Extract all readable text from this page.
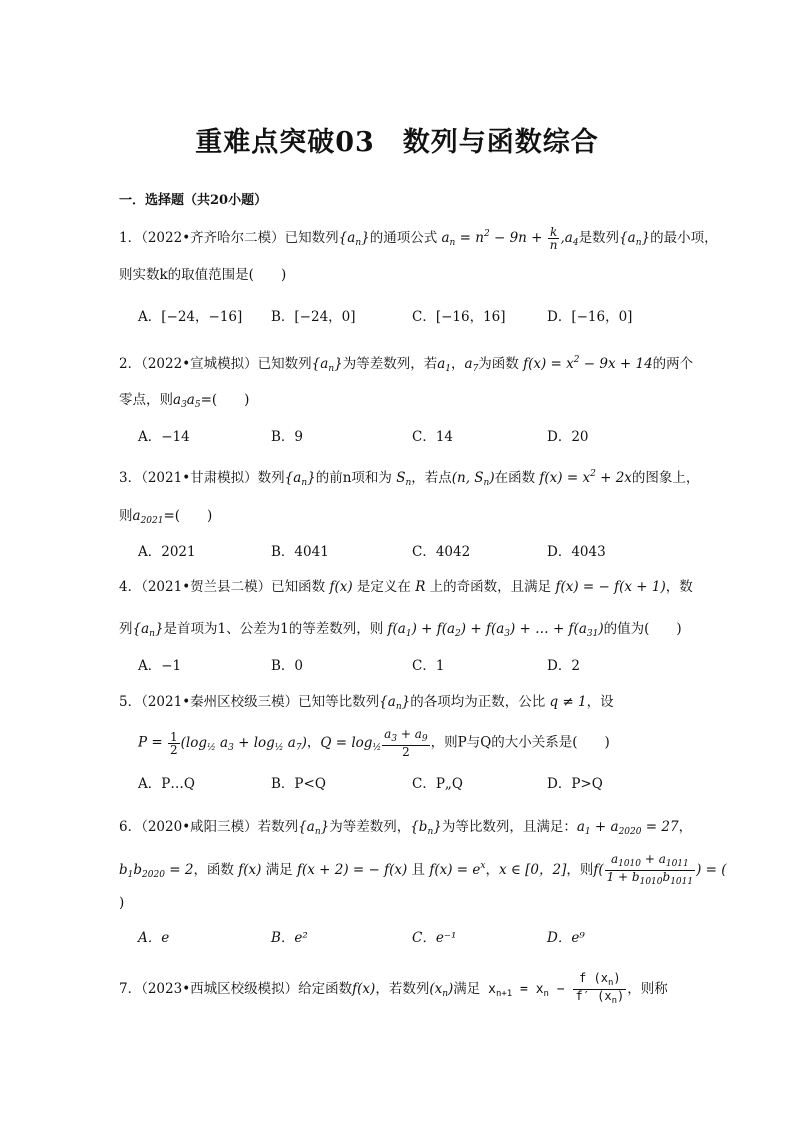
重难点突破03　数列与函数综合
一．选择题（共20小题）
1．（2022•齐齐哈尔二模）已知数列$\{a_n\}$的通项公式 $a_n = n^2 - 9n + \frac{k}{n} ,a_4$是数列$\{a_n\}$的最小项，
则实数k的取值范围是(　　)
A．[−24，−16] B．[−24，0]	C．[−16，16]	D．[−16，0]
2．（2022•宣城模拟）已知数列$\{a_n\}$为等差数列，若$a_1$，$a_7$为函数 $f(x) = x^2 - 9x + 14$的两个
零点，则$a_3a_5=$(　　)
A．−14	B．9	C．14	D．20
3．（2021•甘肃模拟）数列$\{a_n\}$的前n项和为 $S_n$，若点(n, $S_n$)在函数 $f(x) = x^2 + 2x$的图象上，
则$a_{2021}=$(　　)
A．2021	B．4041	C．4042	D．4043
4．（2021•贺兰县二模）已知函数 f(x) 是定义在 R 上的奇函数，且满足 f(x) = − f(x + 1)，数
列$\{a_n\}$是首项为1、公差为1的等差数列，则 $f(a_1) + f(a_2) + f(a_3)$ + … + $f(a_{31})$的值为(　　)
A．−1	B．0	C．1	D．2
5．（2021•秦州区校级三模）已知等比数列$\{a_n\}$的各项均为正数，公比 q ≠ 1，设
$P = \frac{1}{2} (\log_{\frac{1}{2}}$ $a_3 + \log_{\frac{1}{2}} a_7$)，$Q = \log_{\frac{1}{2}} \frac{a_3 + a_9}{2}$ ，则P与Q的大小关系是(　　)
A．P…Q	B．P<Q	C．P„Q	D．P>Q
6．（2020•咸阳三模）若数列$\{a_n\}$为等差数列，$\{b_n\}$为等比数列，且满足：$a_1 + a_{2020} = 27$，
$b_1b_{2020} = 2$，函数 f(x) 满足 f(x + 2) = − f(x) 且 $f(x) = e^x$，x ∈ [0，2]，则$f( \frac{a_{1010} + a_{1011}}{1 + b_{1010}b_{1011}}$ ) = (
)
A．e	B．e²	C．e⁻¹	D．e⁹
7．（2023•西城区校级模拟）给定函数f(x)，若数列$(x_n)$满足 $x_{n+1} = x_n - \frac{f (x_n)}{f' (x_n)}$ ，则称
